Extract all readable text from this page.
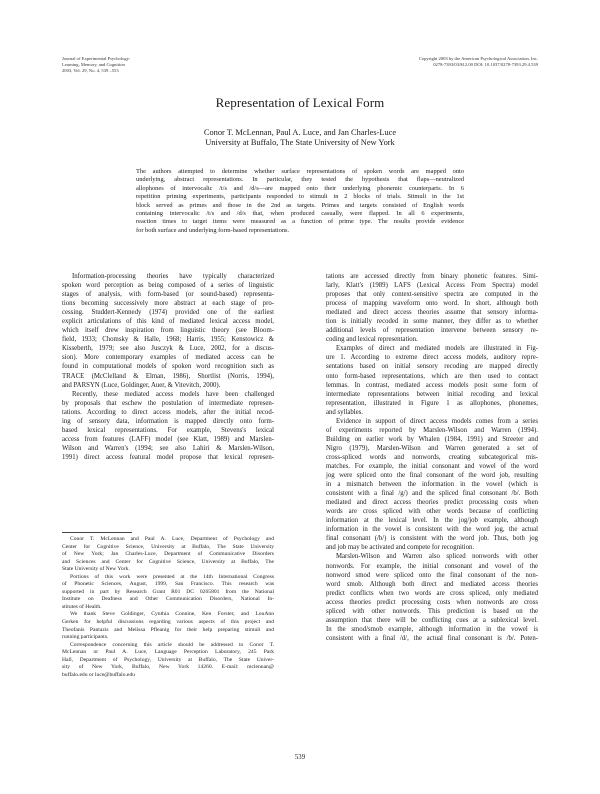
Journal of Experimental Psychology:
Learning, Memory, and Cognition
2003, Vol. 29, No. 4, 539 –553
Copyright 2003 by the American Psychological Association, Inc.
0278-7393/03/$12.00 DOI: 10.1037/0278-7393.29.4.539
Representation of Lexical Form
Conor T. McLennan, Paul A. Luce, and Jan Charles-Luce
University at Buffalo, The State University of New York
The authors attempted to determine whether surface representations of spoken words are mapped onto
underlying, abstract representations. In particular, they tested the hypothesis that flaps—neutralized
allophones of intervocalic /t/s and /d/s—are mapped onto their underlying phonemic counterparts. In 6
repetition priming experiments, participants responded to stimuli in 2 blocks of trials. Stimuli in the 1st
block served as primes and those in the 2nd as targets. Primes and targets consisted of English words
containing intervocalic /t/s and /d/s that, when produced casually, were flapped. In all 6 experiments,
reaction times to target items were measured as a function of prime type. The results provide evidence
for both surface and underlying form-based representations.
Information-processing theories have typically characterized
spoken word perception as being composed of a series of linguistic
stages of analysis, with form-based (or sound-based) representa-
tions becoming successively more abstract at each stage of pro-
cessing. Studdert-Kennedy (1974) provided one of the earliest
explicit articulations of this kind of mediated lexical access model,
which itself drew inspiration from linguistic theory (see Bloom-
field, 1933; Chomsky & Halle, 1968; Harris, 1955; Kenstowicz &
Kisseberth, 1979; see also Jusczyk & Luce, 2002, for a discus-
sion). More contemporary examples of mediated access can be
found in computational models of spoken word recognition such as
TRACE (McClelland & Elman, 1986), Shortlist (Norris, 1994),
and PARSYN (Luce, Goldinger, Auer, & Vitevitch, 2000).
Recently, these mediated access models have been challenged
by proposals that eschew the postulation of intermediate represen-
tations. According to direct access models, after the initial recod-
ing of sensory data, information is mapped directly onto form-
based lexical representations. For example, Stevens's lexical
access from features (LAFF) model (see Klatt, 1989) and Marslen-
Wilson and Warren's (1994; see also Lahiri & Marslen-Wilson,
1991) direct access featural model propose that lexical represen-
Conor T. McLennan and Paul A. Luce, Department of Psychology and
Center for Cognitive Science, University at Buffalo, The State University
of New York; Jan Charles-Luce, Department of Communicative Disorders
and Sciences and Center for Cognitive Science, University at Buffalo, The
State University of New York.
Portions of this work were presented at the 14th International Congress
of Phonetic Sciences, August, 1999, San Francisco. This research was
supported in part by Research Grant R01 DC 0265801 from the National
Institute on Deafness and Other Communication Disorders, National In-
stitutes of Health.
We thank Steve Goldinger, Cynthia Connine, Ken Forster, and LouAnn
Gerken for helpful discussions regarding various aspects of this project and
Theofanis Pantazis and Melissa Pfleanig for their help preparing stimuli and
running participants.
Correspondence concerning this article should be addressed to Conor T.
McLennan or Paul A. Luce, Language Perception Laboratory, 245 Park
Hall, Department of Psychology, University at Buffalo, The State Univer-
sity of New York, Buffalo, New York 14260. E-mail: mclennan@
buffalo.edu or luce@buffalo.edu
tations are accessed directly from binary phonetic features. Simi-
larly, Klatt's (1989) LAFS (Lexical Access From Spectra) model
proposes that only context-sensitive spectra are computed in the
process of mapping waveform onto word. In short, although both
mediated and direct access theories assume that sensory informa-
tion is initially recoded in some manner, they differ as to whether
additional levels of representation intervene between sensory re-
coding and lexical representation.
Examples of direct and mediated models are illustrated in Fig-
ure 1. According to extreme direct access models, auditory repre-
sentations based on initial sensory recoding are mapped directly
onto form-based representations, which are then used to contact
lemmas. In contrast, mediated access models posit some form of
intermediate representations between initial recoding and lexical
representation, illustrated in Figure 1 as allophones, phonemes,
and syllables.
Evidence in support of direct access models comes from a series
of experiments reported by Marslen-Wilson and Warren (1994).
Building on earlier work by Whalen (1984, 1991) and Streeter and
Nigro (1979), Marslen-Wilson and Warren generated a set of
cross-spliced words and nonwords, creating subcategorical mis-
matches. For example, the initial consonant and vowel of the word
jog were spliced onto the final consonant of the word job, resulting
in a mismatch between the information in the vowel (which is
consistent with a final /g/) and the spliced final consonant /b/. Both
mediated and direct access theories predict processing costs when
words are cross spliced with other words because of conflicting
information at the lexical level. In the jog/job example, although
information in the vowel is consistent with the word jog, the actual
final consonant (/b/) is consistent with the word job. Thus, both jog
and job may be activated and compete for recognition.
Marslen-Wilson and Warren also spliced nonwords with other
nonwords. For example, the initial consonant and vowel of the
nonword smod were spliced onto the final consonant of the non-
word smob. Although both direct and mediated access theories
predict conflicts when two words are cross spliced, only mediated
access theories predict processing costs when nonwords are cross
spliced with other nonwords. This prediction is based on the
assumption that there will be conflicting cues at a sublexical level.
In the smod/smob example, although information in the vowel is
consistent with a final /d/, the actual final consonant is /b/. Poten-
539
